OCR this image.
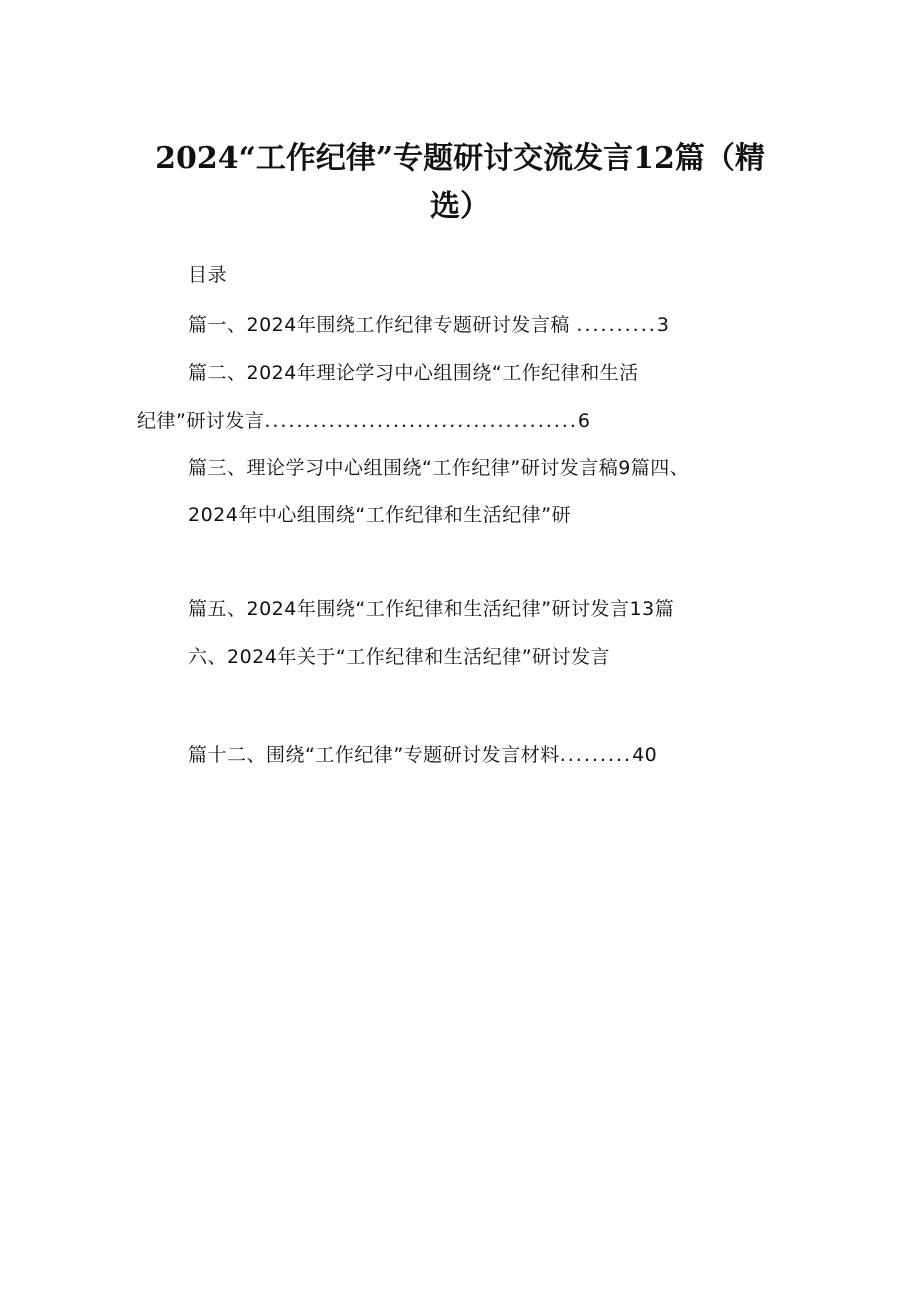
2024“工作纪律”专题研讨交流发言12篇（精
选）
目录
篇一、2024年围绕工作纪律专题研讨发言稿 ..........3
篇二、2024年理论学习中心组围绕“工作纪律和生活
纪律”研讨发言.......................................6
篇三、理论学习中心组围绕“工作纪律”研讨发言稿9篇四、
2024年中心组围绕“工作纪律和生活纪律”研
篇五、2024年围绕“工作纪律和生活纪律”研讨发言13篇
六、2024年关于“工作纪律和生活纪律”研讨发言
篇十二、围绕“工作纪律”专题研讨发言材料.........40
